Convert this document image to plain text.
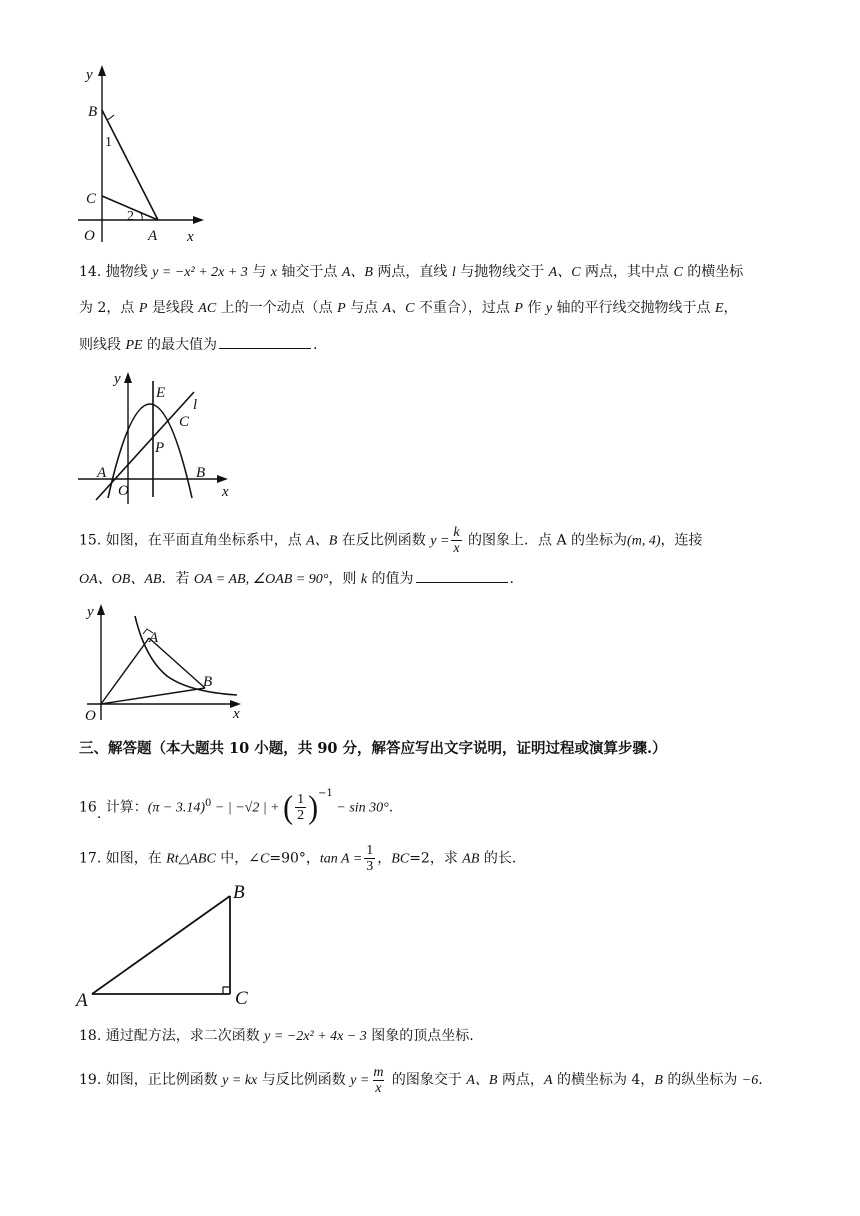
y
x
O	A
B
C
1
2
14. 抛物线 y = −x² + 2x + 3 与 x 轴交于点 A、B 两点，直线 l 与抛物线交于 A、C 两点，其中点 C 的横坐标
为 2，点 P 是线段 AC 上的一个动点（点 P 与点 A、C 不重合），过点 P 作 y 轴的平行线交抛物线于点 E，
则线段 PE 的最大值为	.
y
x
O
A	B
C
E
P
l
15. 如图，在平面直角坐标系中，点 A、B 在反比例函数 $y = \frac{k}{x}$ 的图象上．点 A 的坐标为(m, 4)，连接
OA、OB、AB．若 OA = AB, ∠OAB = 90°，则 k 的值为	.
y
x
O
A
B
三、解答题（本大题共 10 小题，共 90 分，解答应写出文字说明，证明过程或演算步骤.）
16. 计算：$(\pi - 3.14)^0$ − | −√2 | + ( $\frac{1}{2} )^{-1} - \sin 30^\circ$.
17. 如图，在 Rt△ABC 中，∠C=90°，$\tan A = \frac{1}{3}$ ，BC=2，求 AB 的长.
A
B
C
18. 通过配方法，求二次函数 y = −2x² + 4x − 3 图象的顶点坐标.
19. 如图，正比例函数 y = kx 与反比例函数 $y = \frac{m}{x}$ 的图象交于 A、B 两点，A 的横坐标为 4，B 的纵坐标为 −6.
